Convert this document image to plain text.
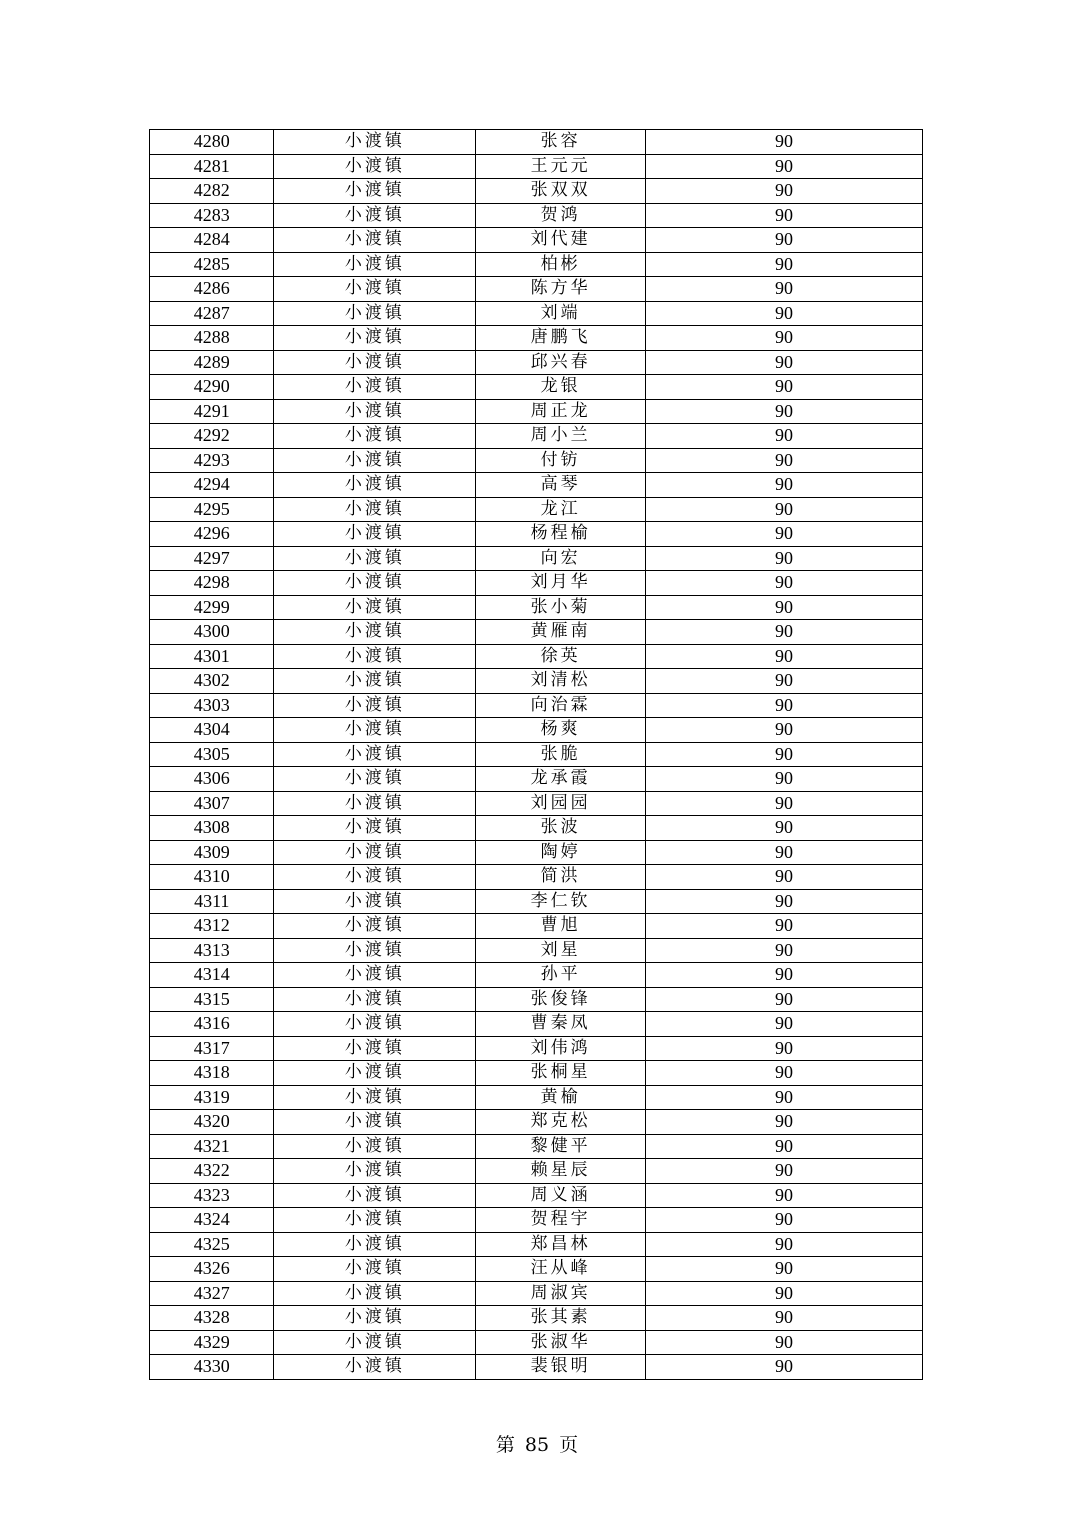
4280	小渡镇	张容	90
4281	小渡镇	王元元	90
4282	小渡镇	张双双	90
4283	小渡镇	贺鸿	90
4284	小渡镇	刘代建	90
4285	小渡镇	柏彬	90
4286	小渡镇	陈方华	90
4287	小渡镇	刘端	90
4288	小渡镇	唐鹏飞	90
4289	小渡镇	邱兴春	90
4290	小渡镇	龙银	90
4291	小渡镇	周正龙	90
4292	小渡镇	周小兰	90
4293	小渡镇	付钫	90
4294	小渡镇	高琴	90
4295	小渡镇	龙江	90
4296	小渡镇	杨程榆	90
4297	小渡镇	向宏	90
4298	小渡镇	刘月华	90
4299	小渡镇	张小菊	90
4300	小渡镇	黄雁南	90
4301	小渡镇	徐英	90
4302	小渡镇	刘清松	90
4303	小渡镇	向治霖	90
4304	小渡镇	杨爽	90
4305	小渡镇	张脆	90
4306	小渡镇	龙承霞	90
4307	小渡镇	刘园园	90
4308	小渡镇	张波	90
4309	小渡镇	陶婷	90
4310	小渡镇	简洪	90
4311	小渡镇	李仁钦	90
4312	小渡镇	曹旭	90
4313	小渡镇	刘星	90
4314	小渡镇	孙平	90
4315	小渡镇	张俊锋	90
4316	小渡镇	曹秦凤	90
4317	小渡镇	刘伟鸿	90
4318	小渡镇	张桐星	90
4319	小渡镇	黄榆	90
4320	小渡镇	郑克松	90
4321	小渡镇	黎健平	90
4322	小渡镇	赖星辰	90
4323	小渡镇	周义涵	90
4324	小渡镇	贺程宇	90
4325	小渡镇	郑昌林	90
4326	小渡镇	汪从峰	90
4327	小渡镇	周淑宾	90
4328	小渡镇	张其素	90
4329	小渡镇	张淑华	90
4330	小渡镇	裴银明	90
第 85 页
